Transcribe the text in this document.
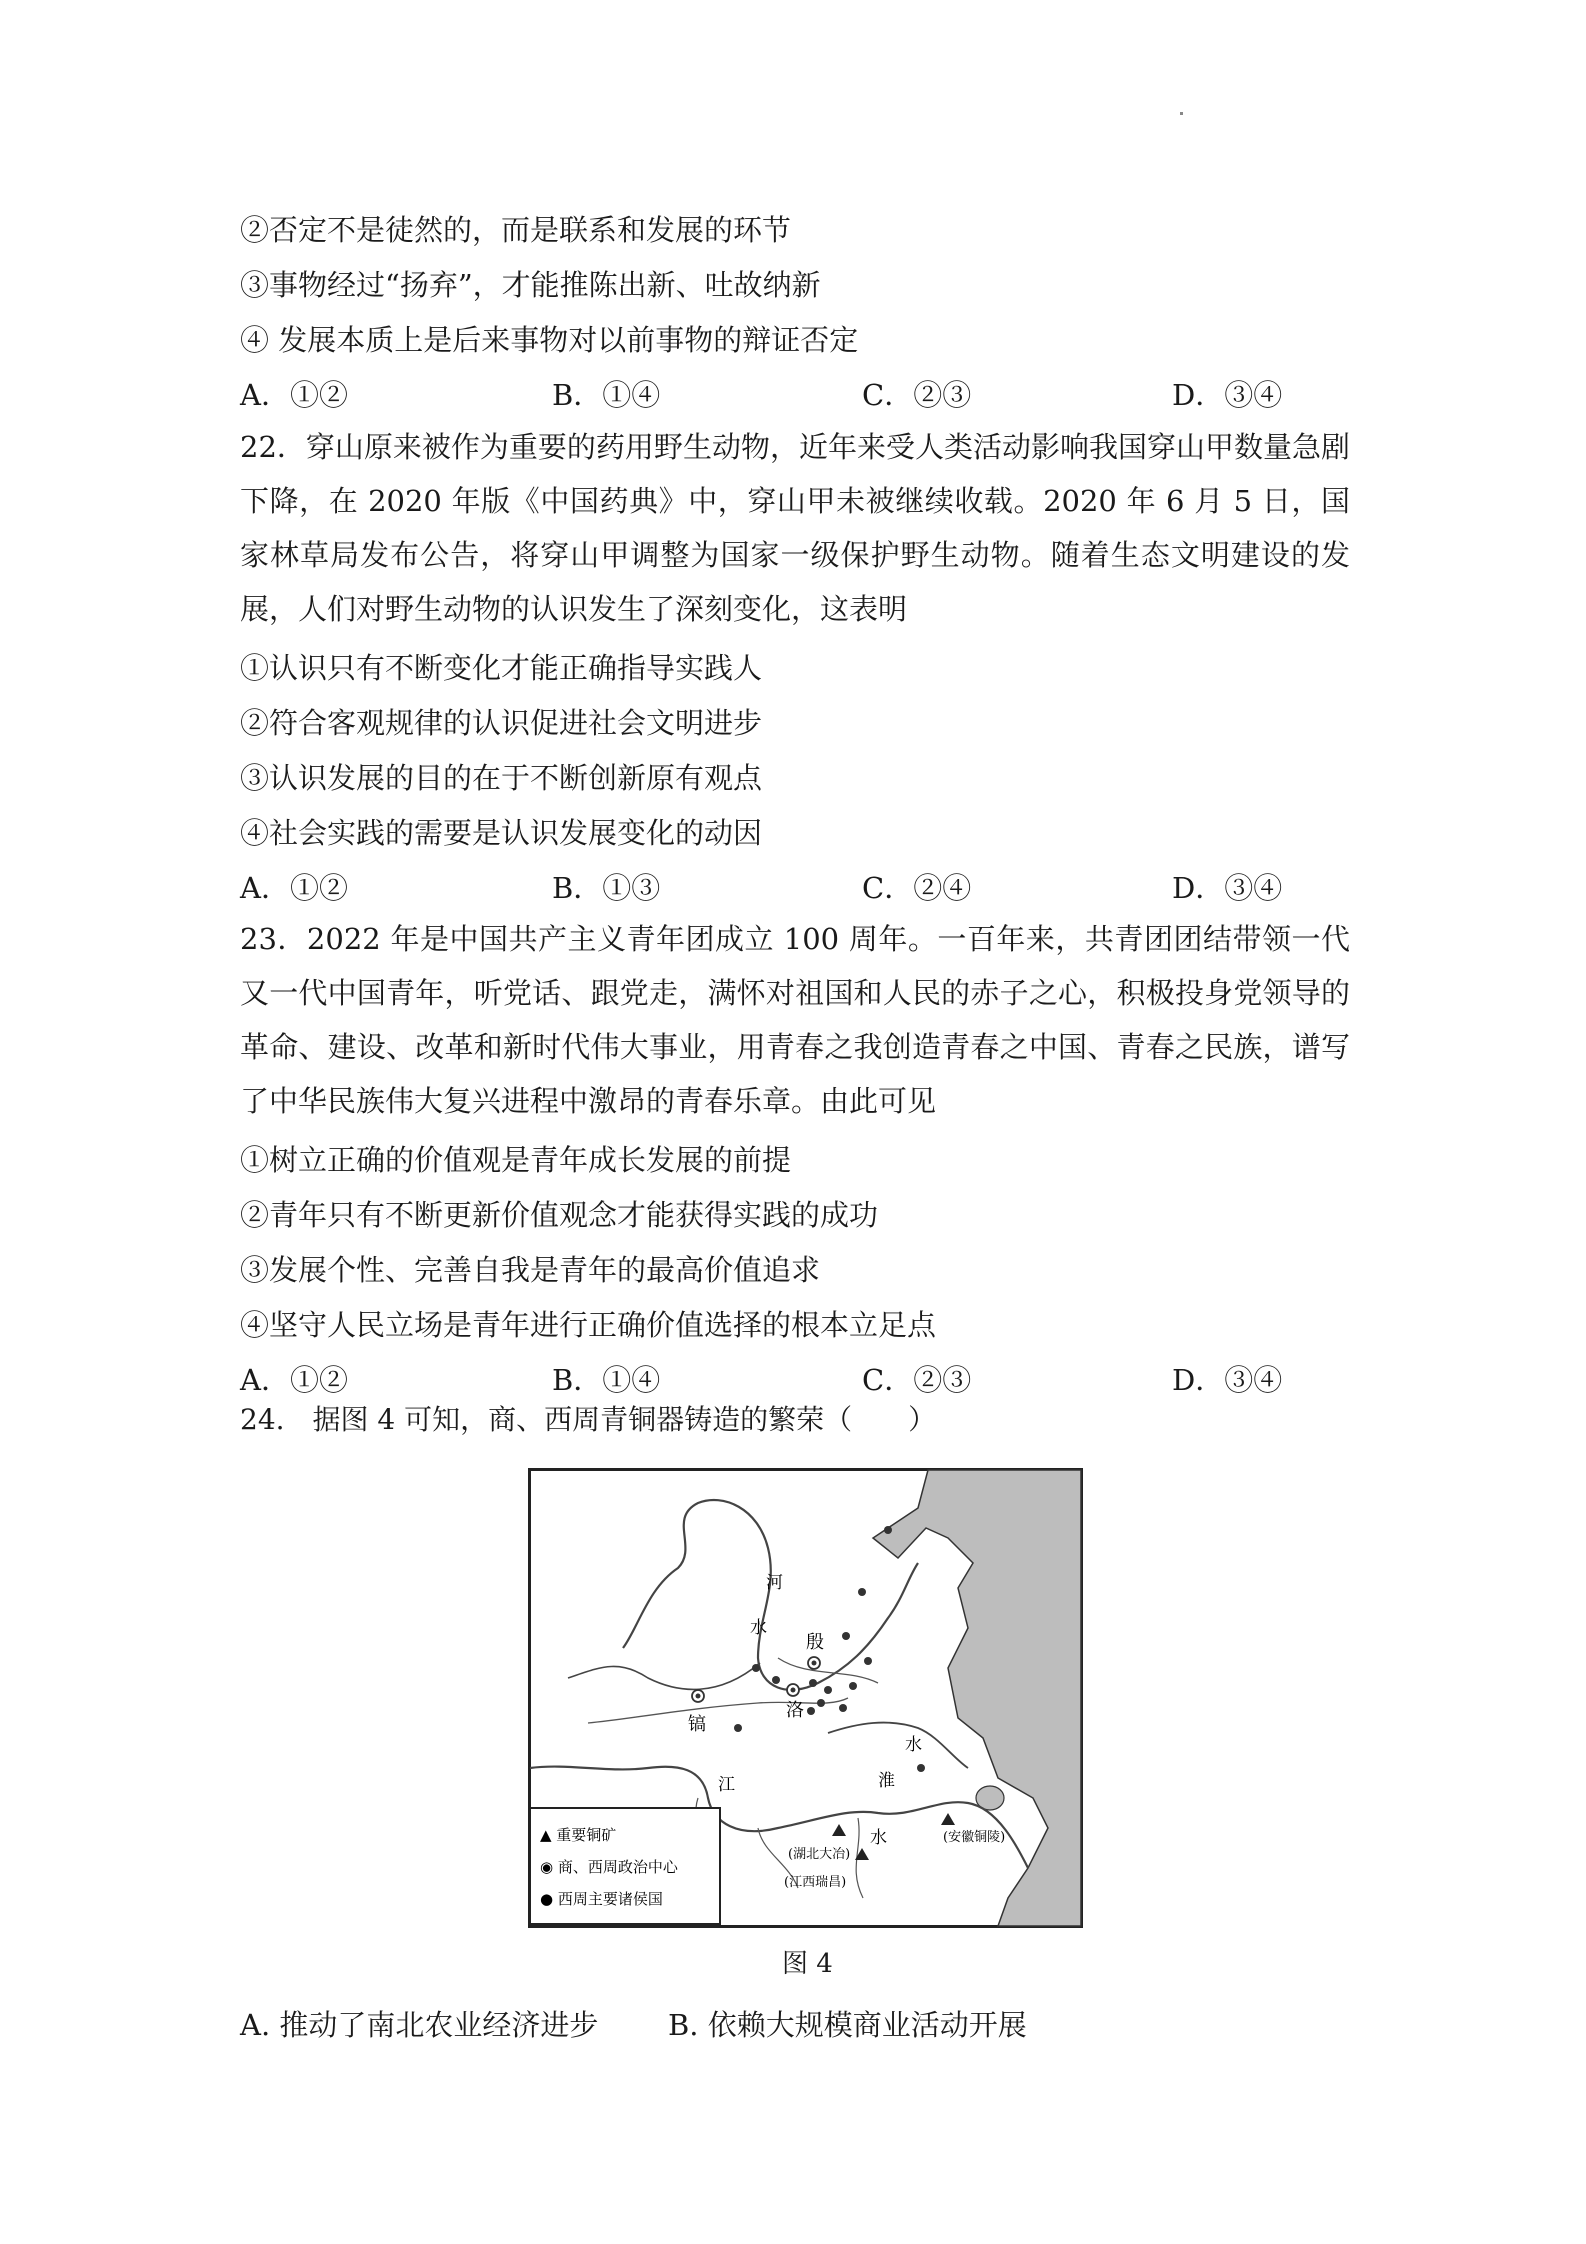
②否定不是徒然的，而是联系和发展的环节
③事物经过“扬弃”，才能推陈出新、吐故纳新
④ 发展本质上是后来事物对以前事物的辩证否定
A．①②	B．①④	C．②③	D．③④
22．穿山原来被作为重要的药用野生动物，近年来受人类活动影响我国穿山甲数量急剧下降，在 2020 年版《中国药典》中，穿山甲未被继续收载。2020 年 6 月 5 日，国家林草局发布公告，将穿山甲调整为国家一级保护野生动物。随着生态文明建设的发展，人们对野生动物的认识发生了深刻变化，这表明
①认识只有不断变化才能正确指导实践人
②符合客观规律的认识促进社会文明进步
③认识发展的目的在于不断创新原有观点
④社会实践的需要是认识发展变化的动因
A．①②	B．①③	C．②④	D．③④
23．2022 年是中国共产主义青年团成立 100 周年。一百年来，共青团团结带领一代又一代中国青年，听党话、跟党走，满怀对祖国和人民的赤子之心，积极投身党领导的革命、建设、改革和新时代伟大事业，用青春之我创造青春之中国、青春之民族，谱写了中华民族伟大复兴进程中激昂的青春乐章。由此可见
①树立正确的价值观是青年成长发展的前提
②青年只有不断更新价值观念才能获得实践的成功
③发展个性、完善自我是青年的最高价值追求
④坚守人民立场是青年进行正确价值选择的根本立足点
A．①②	B．①④	C．②③	D．③④
24.　据图 4 可知，商、西周青铜器铸造的繁荣（　　）
▲ 重要铜矿
◉ 商、西周政治中心
● 西周主要诸侯国
河
水
殷
洛
镐
水
淮
江
水
(湖北大冶)
(江西瑞昌)
(安徽铜陵)
图 4
A. 推动了南北农业经济进步 B. 依赖大规模商业活动开展
